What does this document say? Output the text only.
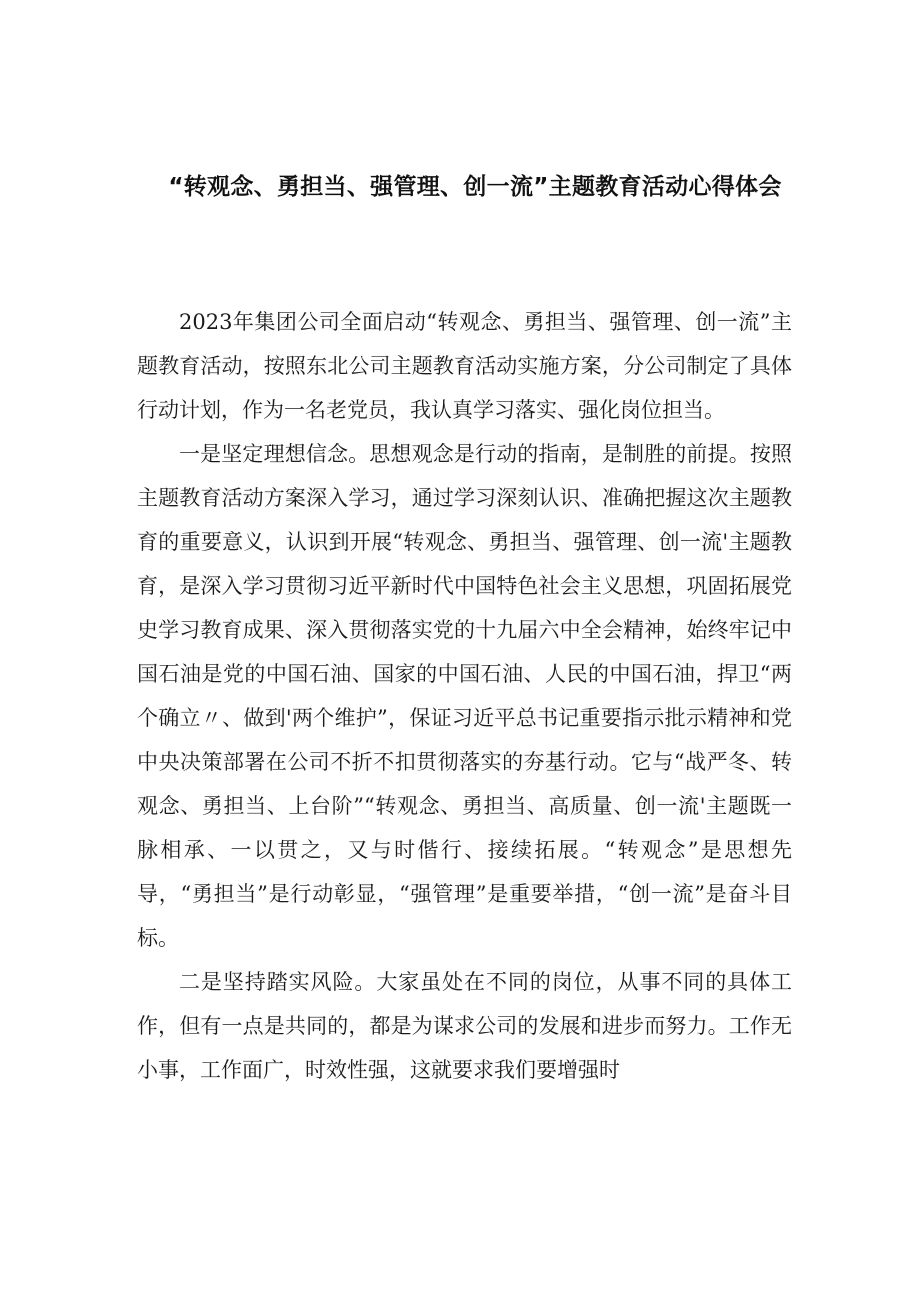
“转观念、勇担当、强管理、创一流”主题教育活动心得体会

2023年集团公司全面启动“转观念、勇担当、强管理、创一流”主题教育活动，按照东北公司主题教育活动实施方案，分公司制定了具体行动计划，作为一名老党员，我认真学习落实、强化岗位担当。

一是坚定理想信念。思想观念是行动的指南，是制胜的前提。按照主题教育活动方案深入学习，通过学习深刻认识、准确把握这次主题教育的重要意义，认识到开展“转观念、勇担当、强管理、创一流'主题教育，是深入学习贯彻习近平新时代中国特色社会主义思想，巩固拓展党史学习教育成果、深入贯彻落实党的十九届六中全会精神，始终牢记中国石油是党的中国石油、国家的中国石油、人民的中国石油，捍卫“两个确立〃、做到'两个维护”，保证习近平总书记重要指示批示精神和党中央决策部署在公司不折不扣贯彻落实的夯基行动。它与“战严冬、转观念、勇担当、上台阶”“转观念、勇担当、高质量、创一流'主题既一脉相承、一以贯之，又与时偕行、接续拓展。“转观念”是思想先导，“勇担当”是行动彰显，“强管理”是重要举措，“创一流”是奋斗目标。

二是坚持踏实风险。大家虽处在不同的岗位，从事不同的具体工作，但有一点是共同的，都是为谋求公司的发展和进步而努力。工作无小事，工作面广，时效性强，这就要求我们要增强时
